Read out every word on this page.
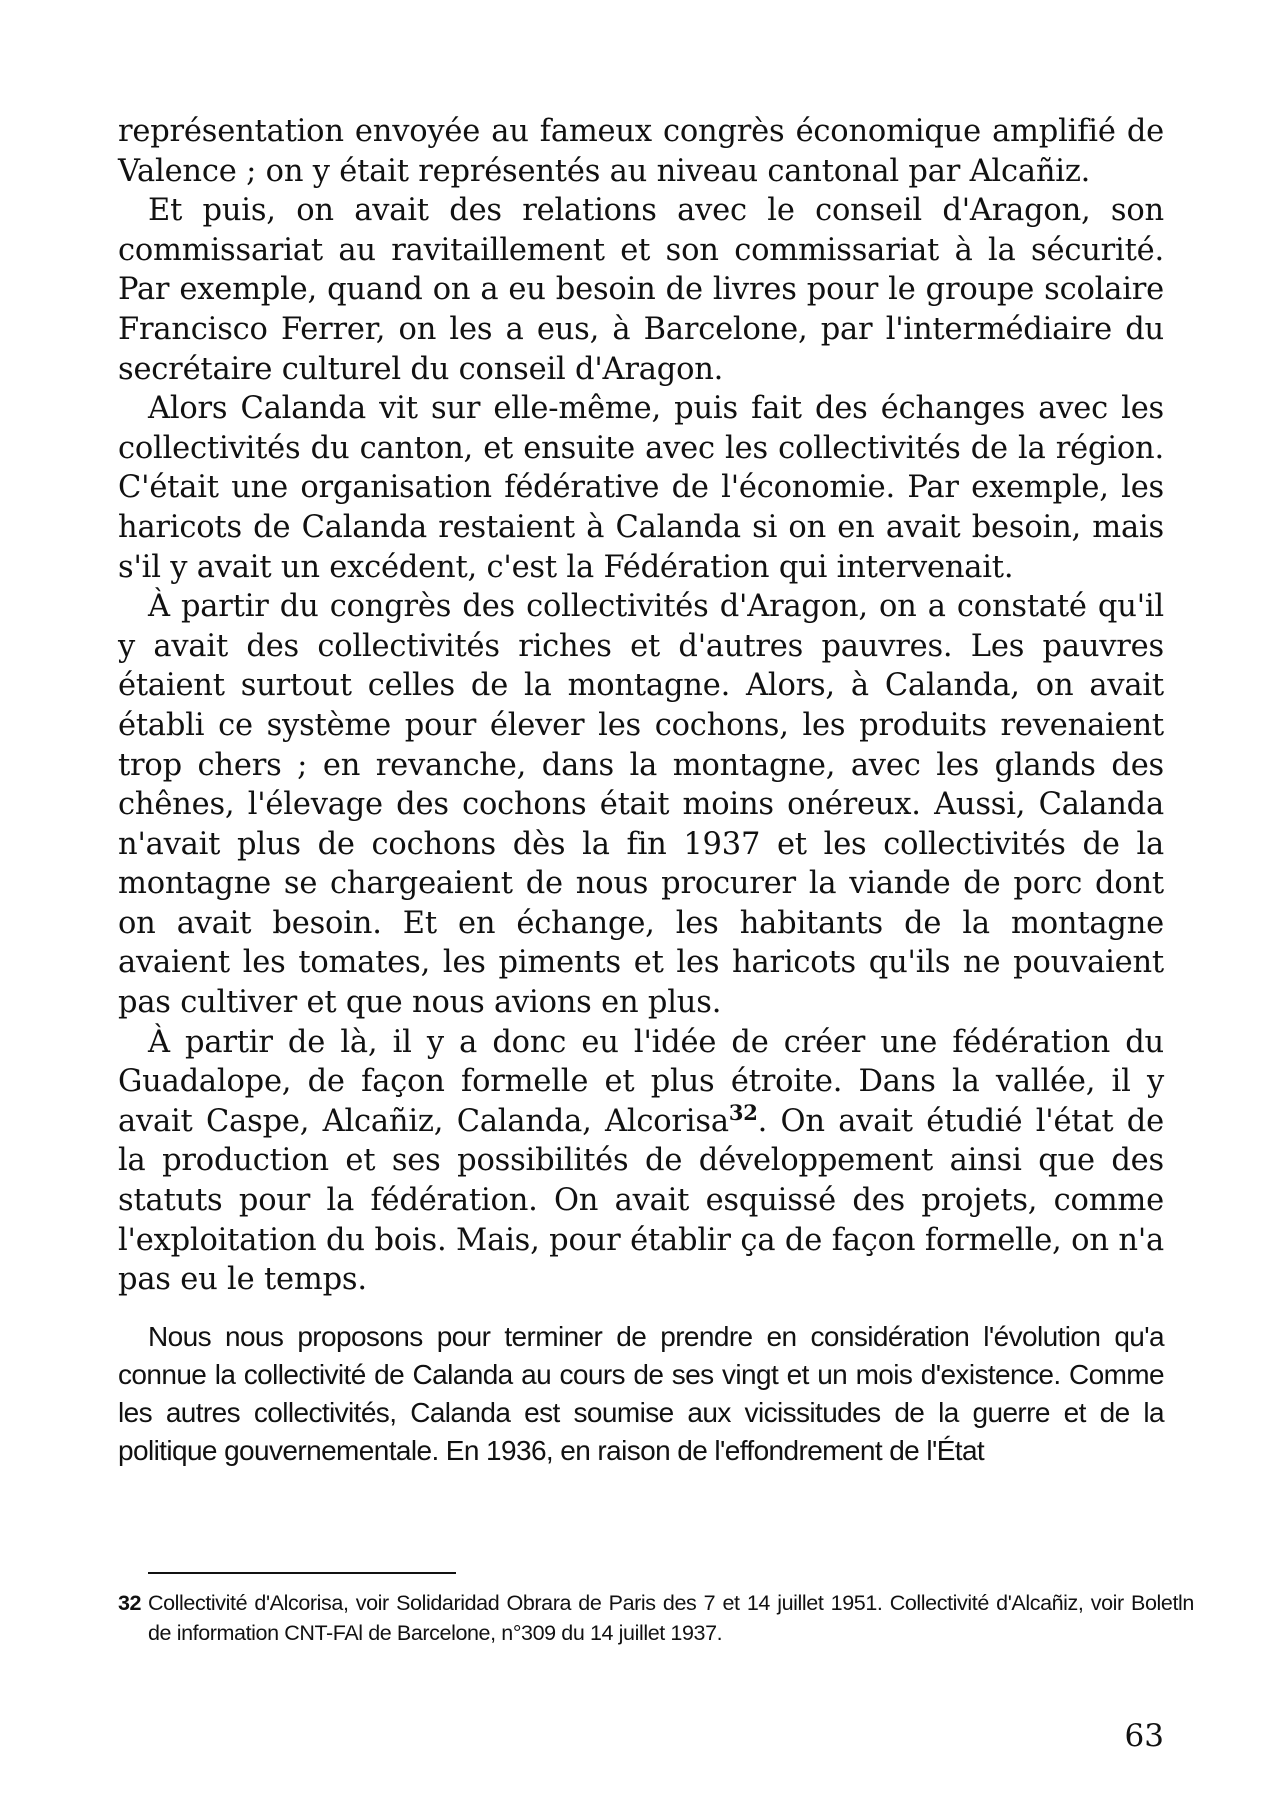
représentation envoyée au fameux congrès économique amplifié de Valence ; on y était représentés au niveau cantonal par Alcañiz.

Et puis, on avait des relations avec le conseil d'Aragon, son commissariat au ravitaillement et son commissariat à la sécurité. Par exemple, quand on a eu besoin de livres pour le groupe scolaire Francisco Ferrer, on les a eus, à Barcelone, par l'intermédiaire du secrétaire culturel du conseil d'Aragon.

Alors Calanda vit sur elle-même, puis fait des échanges avec les collectivités du canton, et ensuite avec les collectivités de la région. C'était une organisation fédérative de l'économie. Par exemple, les haricots de Calanda restaient à Calanda si on en avait besoin, mais s'il y avait un excédent, c'est la Fédération qui intervenait.

À partir du congrès des collectivités d'Aragon, on a constaté qu'il y avait des collectivités riches et d'autres pauvres. Les pauvres étaient surtout celles de la montagne. Alors, à Calanda, on avait établi ce système pour élever les cochons, les produits revenaient trop chers ; en revanche, dans la montagne, avec les glands des chênes, l'élevage des cochons était moins onéreux. Aussi, Calanda n'avait plus de cochons dès la fin 1937 et les collectivités de la montagne se chargeaient de nous procurer la viande de porc dont on avait besoin. Et en échange, les habitants de la montagne avaient les tomates, les piments et les haricots qu'ils ne pouvaient pas cultiver et que nous avions en plus.

À partir de là, il y a donc eu l'idée de créer une fédération du Guadalope, de façon formelle et plus étroite. Dans la vallée, il y avait Caspe, Alcañiz, Calanda, Alcorisa$^{32}$. On avait étudié l'état de la production et ses possibilités de développement ainsi que des statuts pour la fédération. On avait esquissé des projets, comme l'exploitation du bois. Mais, pour établir ça de façon formelle, on n'a pas eu le temps.

Nous nous proposons pour terminer de prendre en considération l'évolution qu'a connue la collectivité de Calanda au cours de ses vingt et un mois d'existence. Comme les autres collectivités, Calanda est soumise aux vicissitudes de la guerre et de la politique gouvernementale. En 1936, en raison de l'effondrement de l'État

32 Collectivité d'Alcorisa, voir Solidaridad Obrara de Paris des 7 et 14 juillet 1951. Collectivité d'Alcañiz, voir Boletln de information CNT-FAl de Barcelone, n°309 du 14 juillet 1937.
63
